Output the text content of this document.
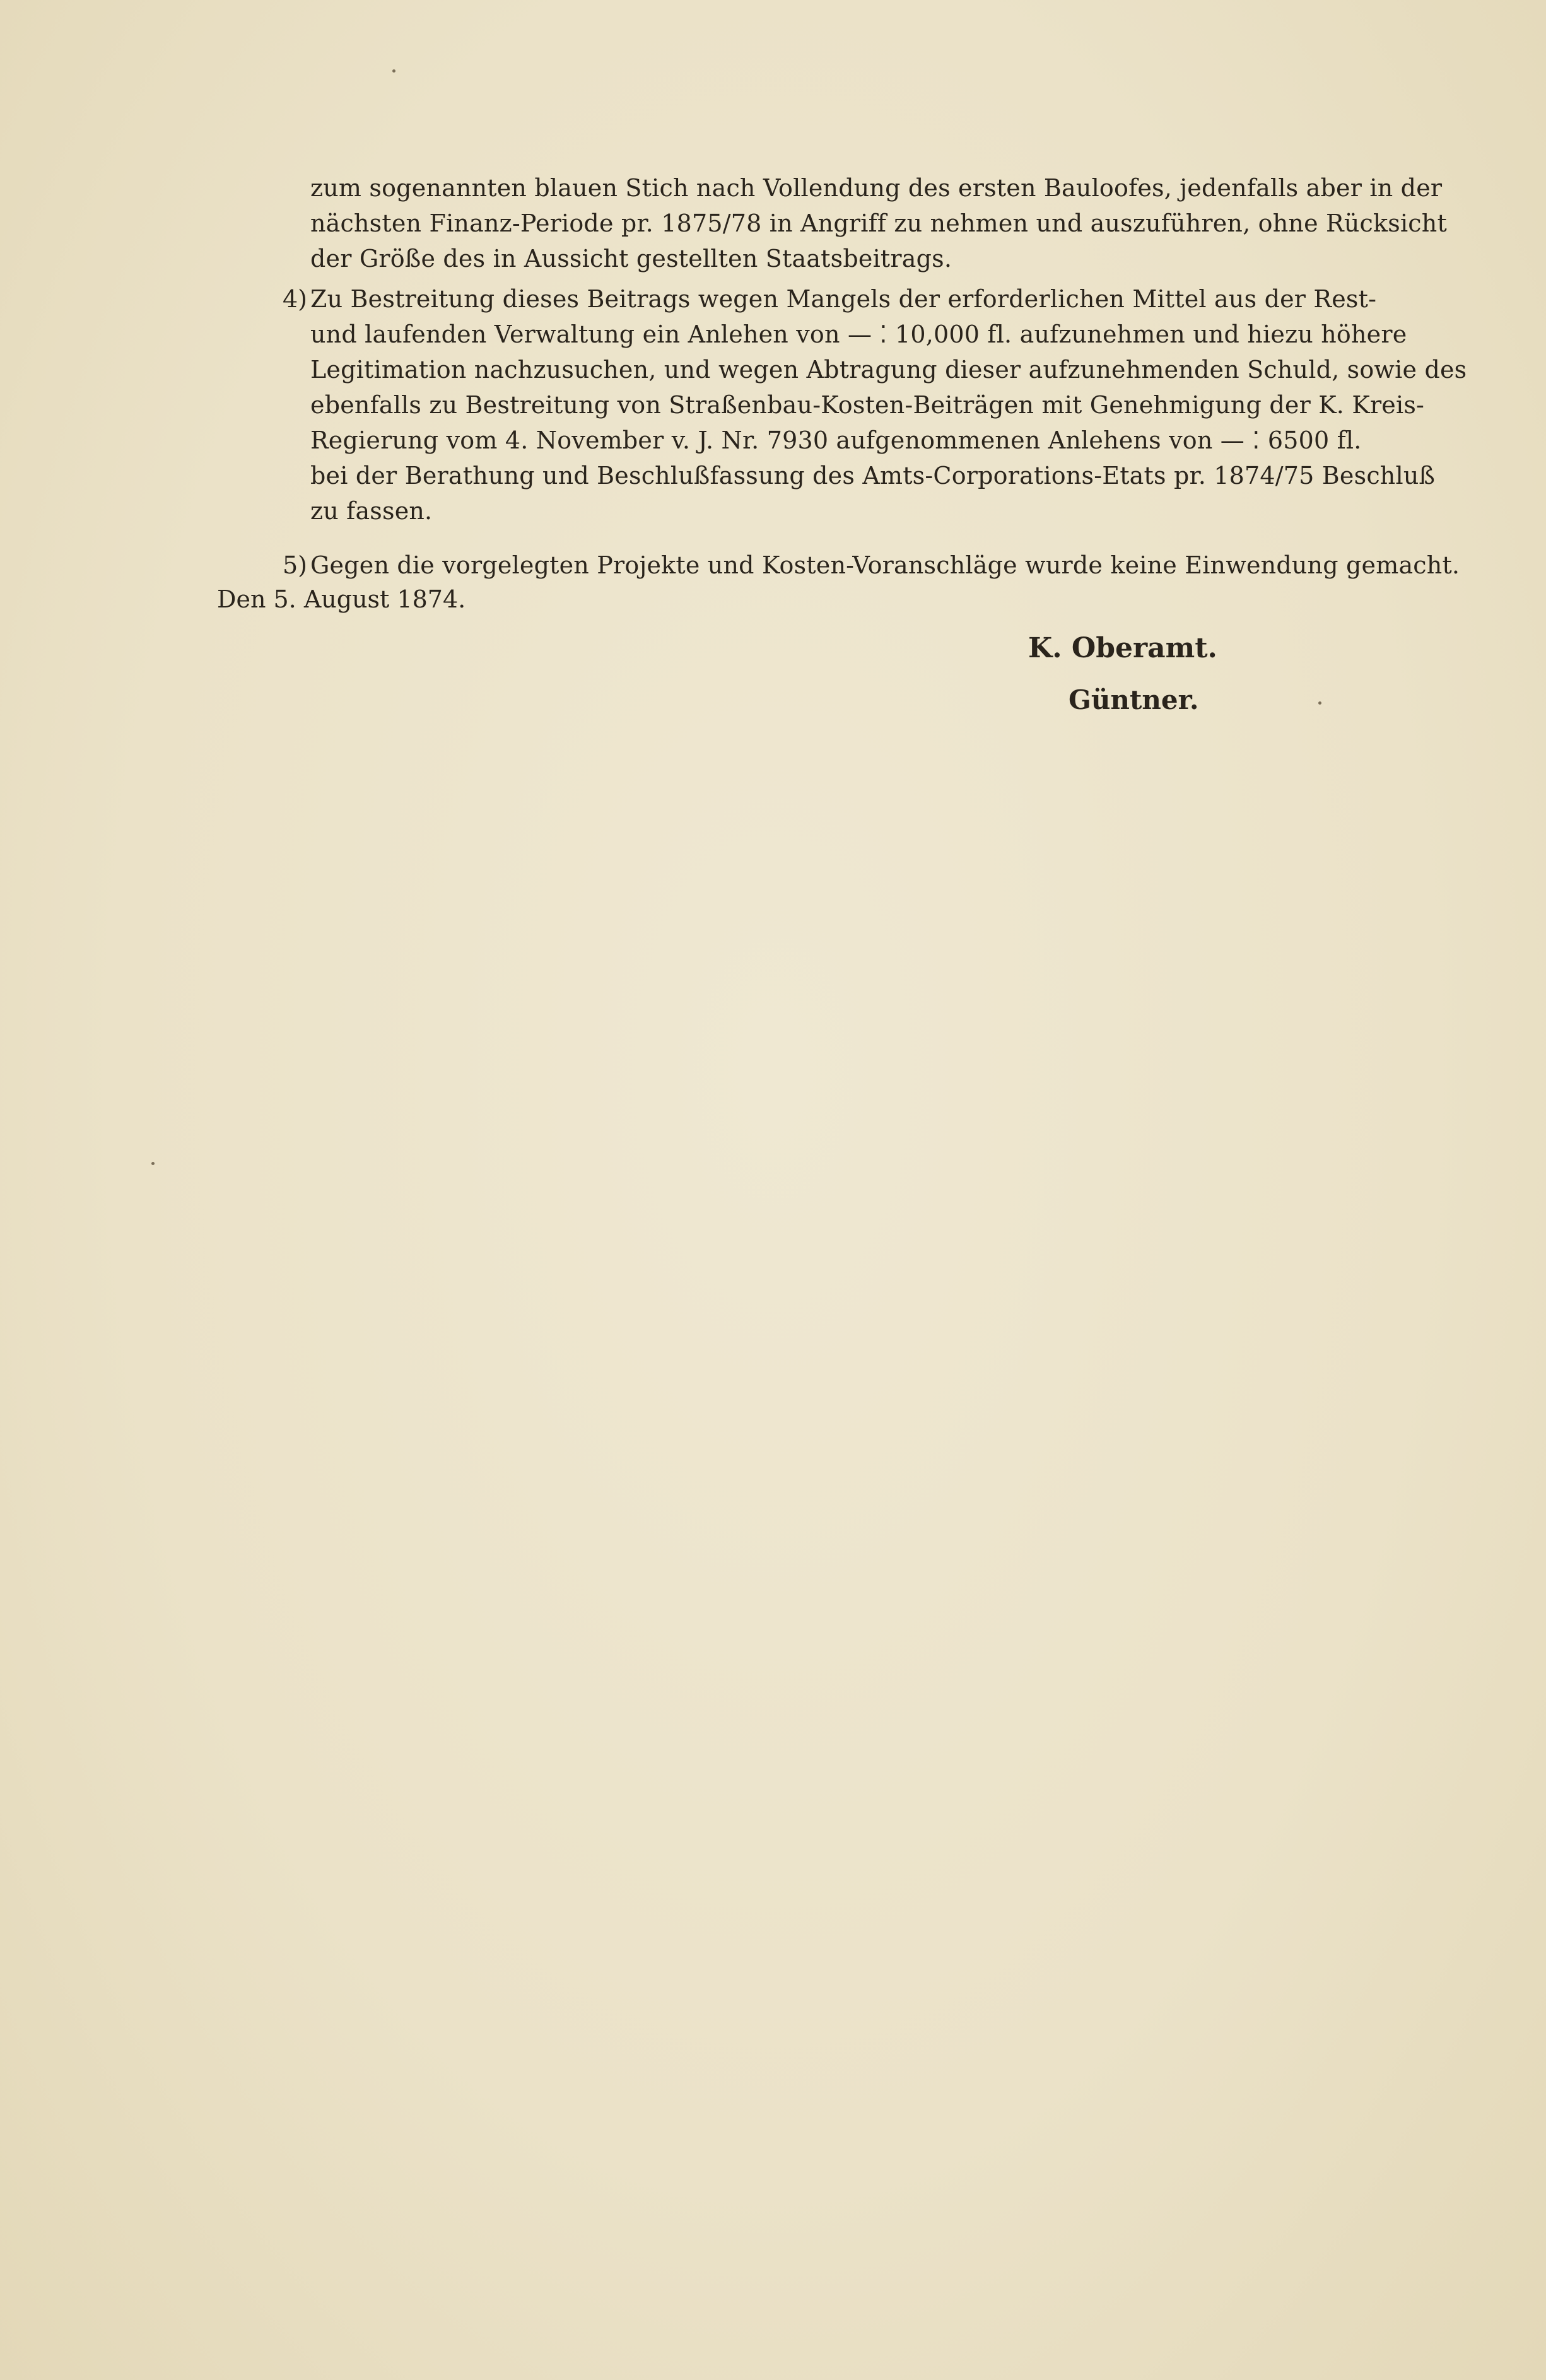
zum sogenannten blauen Stich nach Vollendung des ersten Bauloofes, jedenfalls aber in der
nächsten Finanz-Periode pr. 1875/78 in Angriff zu nehmen und auszuführen, ohne Rücksicht
der Größe des in Aussicht gestellten Staatsbeitrags.
4) Zu Bestreitung dieses Beitrags wegen Mangels der erforderlichen Mittel aus der Rest-
und laufenden Verwaltung ein Anlehen von — ⁚ 10,000 fl. aufzunehmen und hiezu höhere
Legitimation nachzusuchen, und wegen Abtragung dieser aufzunehmenden Schuld, sowie des
ebenfalls zu Bestreitung von Straßenbau-Kosten-Beiträgen mit Genehmigung der K. Kreis-
Regierung vom 4. November v. J. Nr. 7930 aufgenommenen Anlehens von — ⁚ 6500 fl.
bei der Berathung und Beschlußfassung des Amts-Corporations-Etats pr. 1874/75 Beschluß
zu fassen.
5) Gegen die vorgelegten Projekte und Kosten-Voranschläge wurde keine Einwendung gemacht.
Den 5. August 1874.
K. Oberamt.
Güntner.
